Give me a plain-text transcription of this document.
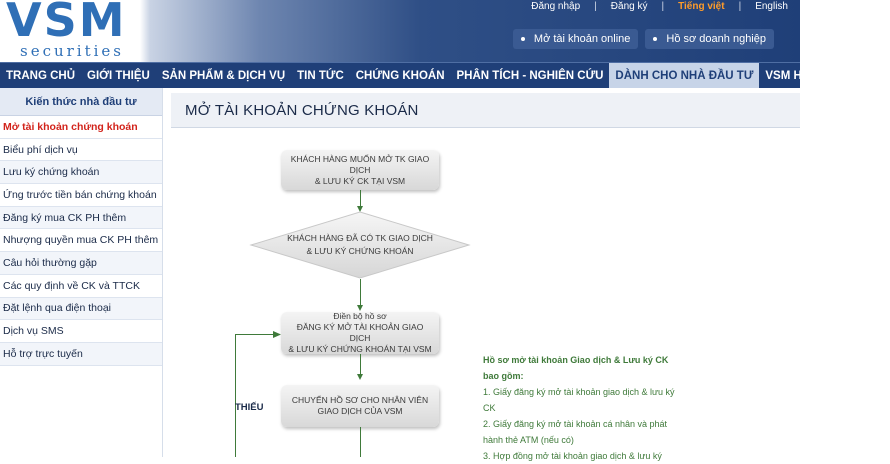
VSM
securities
Đăng nhập | Đăng ký | Tiếng việt | English
Mở tài khoản online	Hồ sơ doanh nghiệp
TRANG CHỦ	GIỚI THIỆU	SẢN PHẨM & DỊCH VỤ	TIN TỨC	CHỨNG KHOÁN	PHÂN TÍCH - NGHIÊN CỨU	DÀNH CHO NHÀ ĐẦU TƯ	VSM HOME TRADING
Kiến thức nhà đầu tư
Mở tài khoản chứng khoán
Biểu phí dịch vụ
Lưu ký chứng khoán
Ứng trước tiền bán chứng khoán
Đăng ký mua CK PH thêm
Nhượng quyền mua CK PH thêm
Câu hỏi thường gặp
Các quy định về CK và TTCK
Đặt lệnh qua điện thoại
Dịch vụ SMS
Hỗ trợ trực tuyến
MỞ TÀI KHOẢN CHỨNG KHOÁN
KHÁCH HÀNG MUỐN MỞ TK GIAO DỊCH
& LƯU KÝ CK TẠI VSM
KHÁCH HÀNG ĐÃ CÓ TK GIAO DỊCH
& LƯU KÝ CHỨNG KHOÁN
Điền bộ hồ sơ
ĐĂNG KÝ MỞ TÀI KHOẢN GIAO DỊCH
& LƯU KÝ CHỨNG KHOÁN TẠI VSM
CHUYỂN HỒ SƠ CHO NHÂN VIÊN
GIAO DỊCH CỦA VSM
THIẾU
Hồ sơ mở tài khoản Giao dịch & Lưu ký CK
bao gồm:
1. Giấy đăng ký mở tài khoản giao dịch & lưu ký
CK
2. Giấy đăng ký mở tài khoản cá nhân và phát
hành thẻ ATM (nếu có)
3. Hợp đồng mở tài khoản giao dịch & lưu ký
